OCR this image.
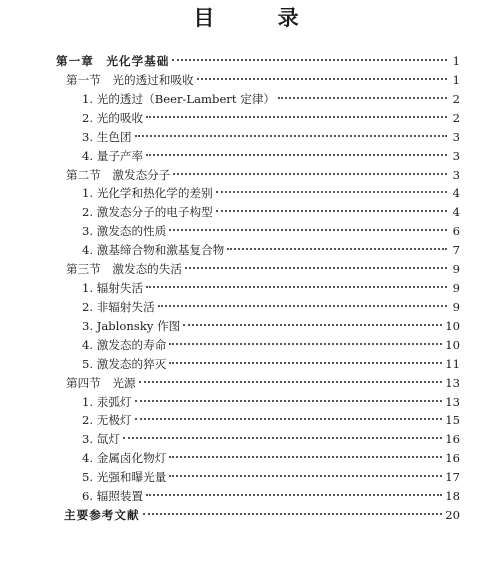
目 录
第一章　光化学基础	1
第一节　光的透过和吸收	1
1. 光的透过（Beer-Lambert 定律）	2
2. 光的吸收	2
3. 生色团	3
4. 量子产率	3
第二节　激发态分子	3
1. 光化学和热化学的差别	4
2. 激发态分子的电子构型	4
3. 激发态的性质	6
4. 激基缔合物和激基复合物	7
第三节　激发态的失活	9
1. 辐射失活	9
2. 非辐射失活	9
3. Jablonsky 作图	10
4. 激发态的寿命	10
5. 激发态的猝灭	11
第四节　光源	13
1. 汞弧灯	13
2. 无极灯	15
3. 氙灯	16
4. 金属卤化物灯	16
5. 光强和曝光量	17
6. 辐照装置	18
主要参考文献	20
